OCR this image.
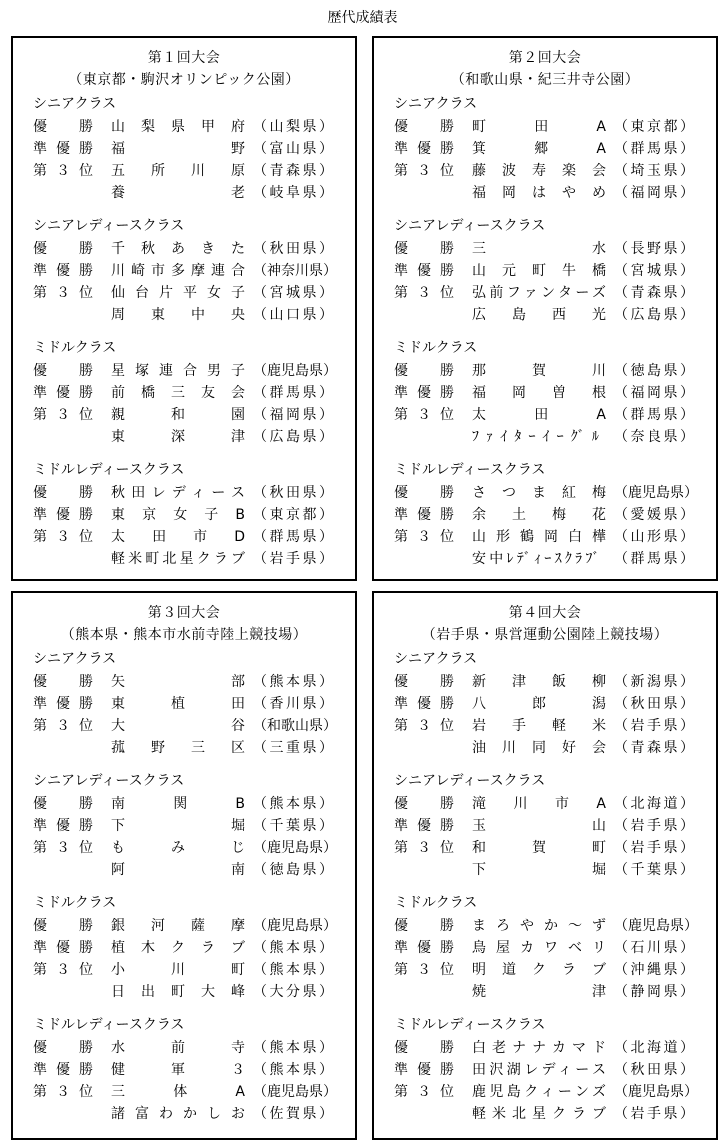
歴代成績表
第１回大会
（東京都・駒沢オリンピック公園）
シニアクラス
優勝 山梨県甲府 （山梨県）
準優勝 福野 （富山県）
第３位 五所川原 （青森県）
養老 （岐阜県）
シニアレディースクラス
優勝 千秋あきた （秋田県）
準優勝 川崎市多摩連合 （神奈川県）
第３位 仙台片平女子 （宮城県）
周東中央 （山口県）
ミドルクラス
優勝 星塚連合男子 （鹿児島県）
準優勝 前橋三友会 （群馬県）
第３位 親和園 （福岡県）
東深津 （広島県）
ミドルレディースクラス
優勝 秋田レディース （秋田県）
準優勝 東京女子B （東京都）
第３位 太田市D （群馬県）
軽米町北星クラブ （岩手県）
第２回大会
（和歌山県・紀三井寺公園）
シニアクラス
優勝 町田A （東京都）
準優勝 箕郷A （群馬県）
第３位 藤波寿楽会 （埼玉県）
福岡はやめ （福岡県）
シニアレディースクラス
優勝 三水 （長野県）
準優勝 山元町牛橋 （宮城県）
第３位 弘前ファンターズ （青森県）
広島西光 （広島県）
ミドルクラス
優勝 那賀川 （徳島県）
準優勝 福岡曽根 （福岡県）
第３位 太田A （群馬県）
ﾌｧｲﾀｰｲｰｸﾞﾙ （奈良県）
ミドルレディースクラス
優勝 さつま紅梅 （鹿児島県）
準優勝 余土梅花 （愛媛県）
第３位 山形鶴岡白樺 （山形県）
安中ﾚﾃﾞｨｰｽｸﾗﾌﾞ （群馬県）
第３回大会
（熊本県・熊本市水前寺陸上競技場）
シニアクラス
優勝 矢部 （熊本県）
準優勝 東植田 （香川県）
第３位 大谷 （和歌山県）
菰野三区 （三重県）
シニアレディースクラス
優勝 南関B （熊本県）
準優勝 下堀 （千葉県）
第３位 もみじ （鹿児島県）
阿南 （徳島県）
ミドルクラス
優勝 銀河薩摩 （鹿児島県）
準優勝 植木クラブ （熊本県）
第３位 小川町 （熊本県）
日出町大峰 （大分県）
ミドルレディースクラス
優勝 水前寺 （熊本県）
準優勝 健軍３ （熊本県）
第３位 三体A （鹿児島県）
諸富わかしお （佐賀県）
第４回大会
（岩手県・県営運動公園陸上競技場）
シニアクラス
優勝 新津飯柳 （新潟県）
準優勝 八郎潟 （秋田県）
第３位 岩手軽米 （岩手県）
油川同好会 （青森県）
シニアレディースクラス
優勝 滝川市A （北海道）
準優勝 玉山 （岩手県）
第３位 和賀町 （岩手県）
下堀 （千葉県）
ミドルクラス
優勝 まろやか～ず （鹿児島県）
準優勝 鳥屋カワベリ （石川県）
第３位 明道クラブ （沖縄県）
焼津 （静岡県）
ミドルレディースクラス
優勝 白老ナナカマド （北海道）
準優勝 田沢湖レディース （秋田県）
第３位 鹿児島クィーンズ （鹿児島県）
軽米北星クラブ （岩手県）
